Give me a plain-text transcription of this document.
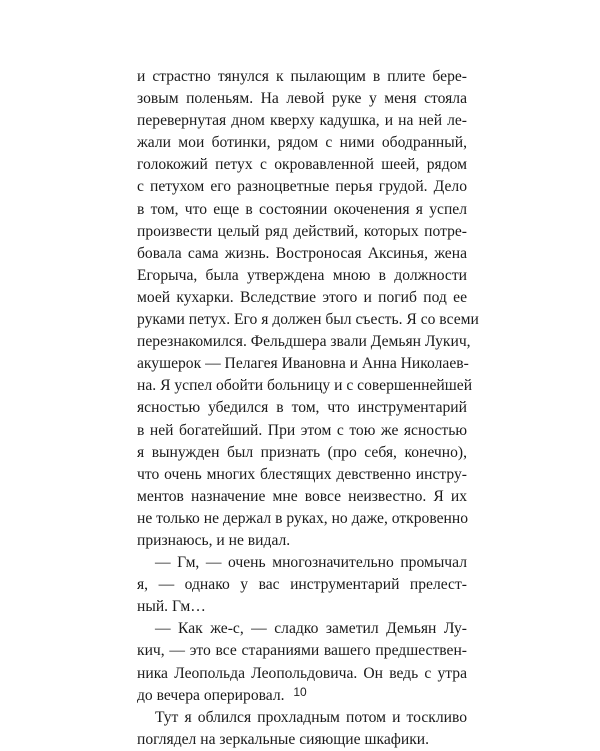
и страстно тянулся к пылающим в плите бере-
зовым поленьям. На левой руке у меня стояла
перевернутая дном кверху кадушка, и на ней ле-
жали мои ботинки, рядом с ними ободранный,
голокожий петух с окровавленной шеей, рядом
с петухом его разноцветные перья грудой. Дело
в том, что еще в состоянии окоченения я успел
произвести целый ряд действий, которых потре-
бовала сама жизнь. Востроносая Аксинья, жена
Егорыча, была утверждена мною в должности
моей кухарки. Вследствие этого и погиб под ее
руками петух. Его я должен был съесть. Я со всеми
перезнакомился. Фельдшера звали Демьян Лукич,
акушерок — Пелагея Ивановна и Анна Николаев-
на. Я успел обойти больницу и с совершеннейшей
ясностью убедился в том, что инструментарий
в ней богатейший. При этом с тою же ясностью
я вынужден был признать (про себя, конечно),
что очень многих блестящих девственно инстру-
ментов назначение мне вовсе неизвестно. Я их
не только не держал в руках, но даже, откровенно
признаюсь, и не видал.
— Гм, — очень многозначительно промычал
я, — однако у вас инструментарий прелест-
ный. Гм…
— Как же-с, — сладко заметил Демьян Лу-
кич, — это все стараниями вашего предшествен-
ника Леопольда Леопольдовича. Он ведь с утра
до вечера оперировал.
Тут я облился прохладным потом и тоскливо
поглядел на зеркальные сияющие шкафики.
10
